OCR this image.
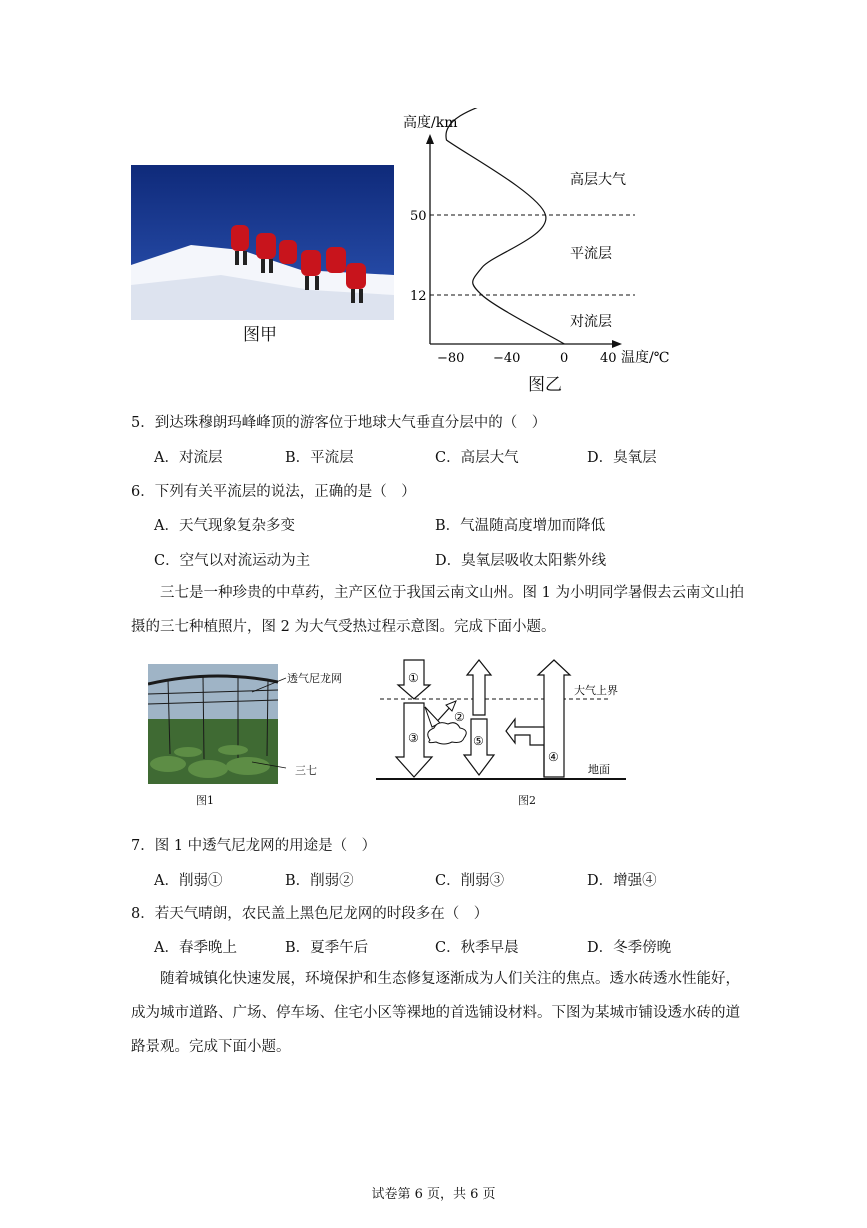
图甲
高度/km
温度/℃
50
12
−80 −40	0 40
高层大气
平流层
对流层
图乙
5．到达珠穆朗玛峰峰顶的游客位于地球大气垂直分层中的（　）
A．对流层	B．平流层	C．高层大气	D．臭氧层
6．下列有关平流层的说法，正确的是（　）
A．天气现象复杂多变	B．气温随高度增加而降低
C．空气以对流运动为主	D．臭氧层吸收太阳紫外线
三七是一种珍贵的中草药，主产区位于我国云南文山州。图 1 为小明同学暑假去云南文山拍摄的三七种植照片，图 2 为大气受热过程示意图。完成下面小题。
透气尼龙网
三七
图1
①
②
③
④
⑤
大气上界
地面
图2
7．图 1 中透气尼龙网的用途是（　）
A．削弱①	B．削弱②	C．削弱③	D．增强④
8．若天气晴朗，农民盖上黑色尼龙网的时段多在（　）
A．春季晚上	B．夏季午后	C．秋季早晨	D．冬季傍晚
随着城镇化快速发展，环境保护和生态修复逐渐成为人们关注的焦点。透水砖透水性能好，成为城市道路、广场、停车场、住宅小区等裸地的首选铺设材料。下图为某城市铺设透水砖的道路景观。完成下面小题。
试卷第 6 页，共 6 页
